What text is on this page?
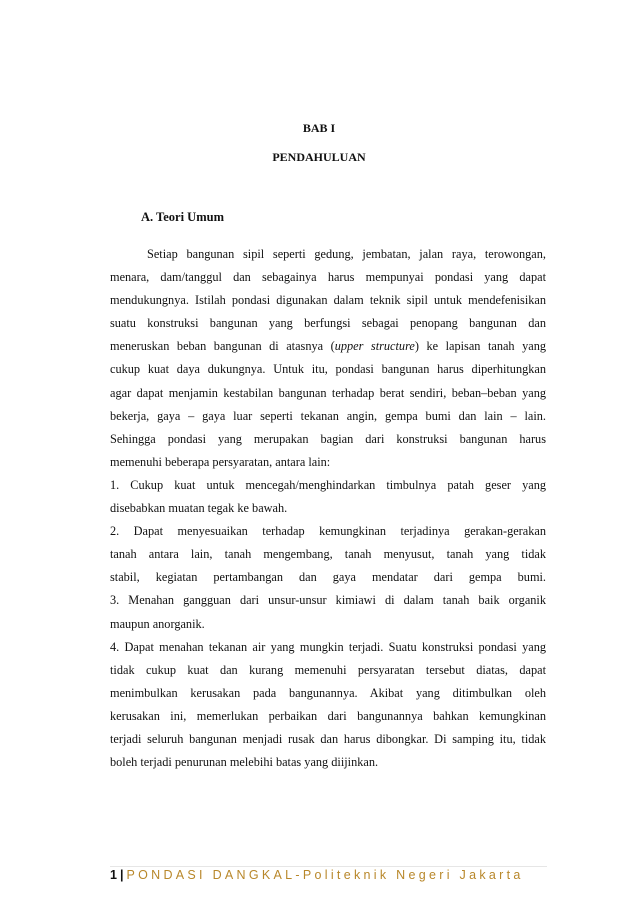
BAB I
PENDAHULUAN
A. Teori Umum

Setiap bangunan sipil seperti gedung, jembatan, jalan raya, terowongan,

menara, dam/tanggul dan sebagainya harus mempunyai pondasi yang dapat

mendukungnya. Istilah pondasi digunakan dalam teknik sipil untuk mendefenisikan

suatu konstruksi bangunan yang berfungsi sebagai penopang bangunan dan

meneruskan beban bangunan di atasnya (upper structure) ke lapisan tanah yang

cukup kuat daya dukungnya. Untuk itu, pondasi bangunan harus diperhitungkan

agar dapat menjamin kestabilan bangunan terhadap berat sendiri, beban–beban yang

bekerja, gaya – gaya luar seperti tekanan angin, gempa bumi dan lain – lain.

Sehingga pondasi yang merupakan bagian dari konstruksi bangunan harus

memenuhi beberapa persyaratan, antara lain:

1. Cukup kuat untuk mencegah/menghindarkan timbulnya patah geser yang

disebabkan muatan tegak ke bawah.

2. Dapat menyesuaikan terhadap kemungkinan terjadinya gerakan-gerakan

tanah antara lain, tanah mengembang, tanah menyusut, tanah yang tidak

stabil, kegiatan pertambangan dan gaya mendatar dari gempa bumi.

3. Menahan gangguan dari unsur-unsur kimiawi di dalam tanah baik organik

maupun anorganik.

4. Dapat menahan tekanan air yang mungkin terjadi. Suatu konstruksi pondasi yang

tidak cukup kuat dan kurang memenuhi persyaratan tersebut diatas, dapat

menimbulkan kerusakan pada bangunannya. Akibat yang ditimbulkan oleh

kerusakan ini, memerlukan perbaikan dari bangunannya bahkan kemungkinan

terjadi seluruh bangunan menjadi rusak dan harus dibongkar. Di samping itu, tidak

boleh terjadi penurunan melebihi batas yang diijinkan.

1 | PONDASI DANGKAL-Politeknik Negeri Jakarta
